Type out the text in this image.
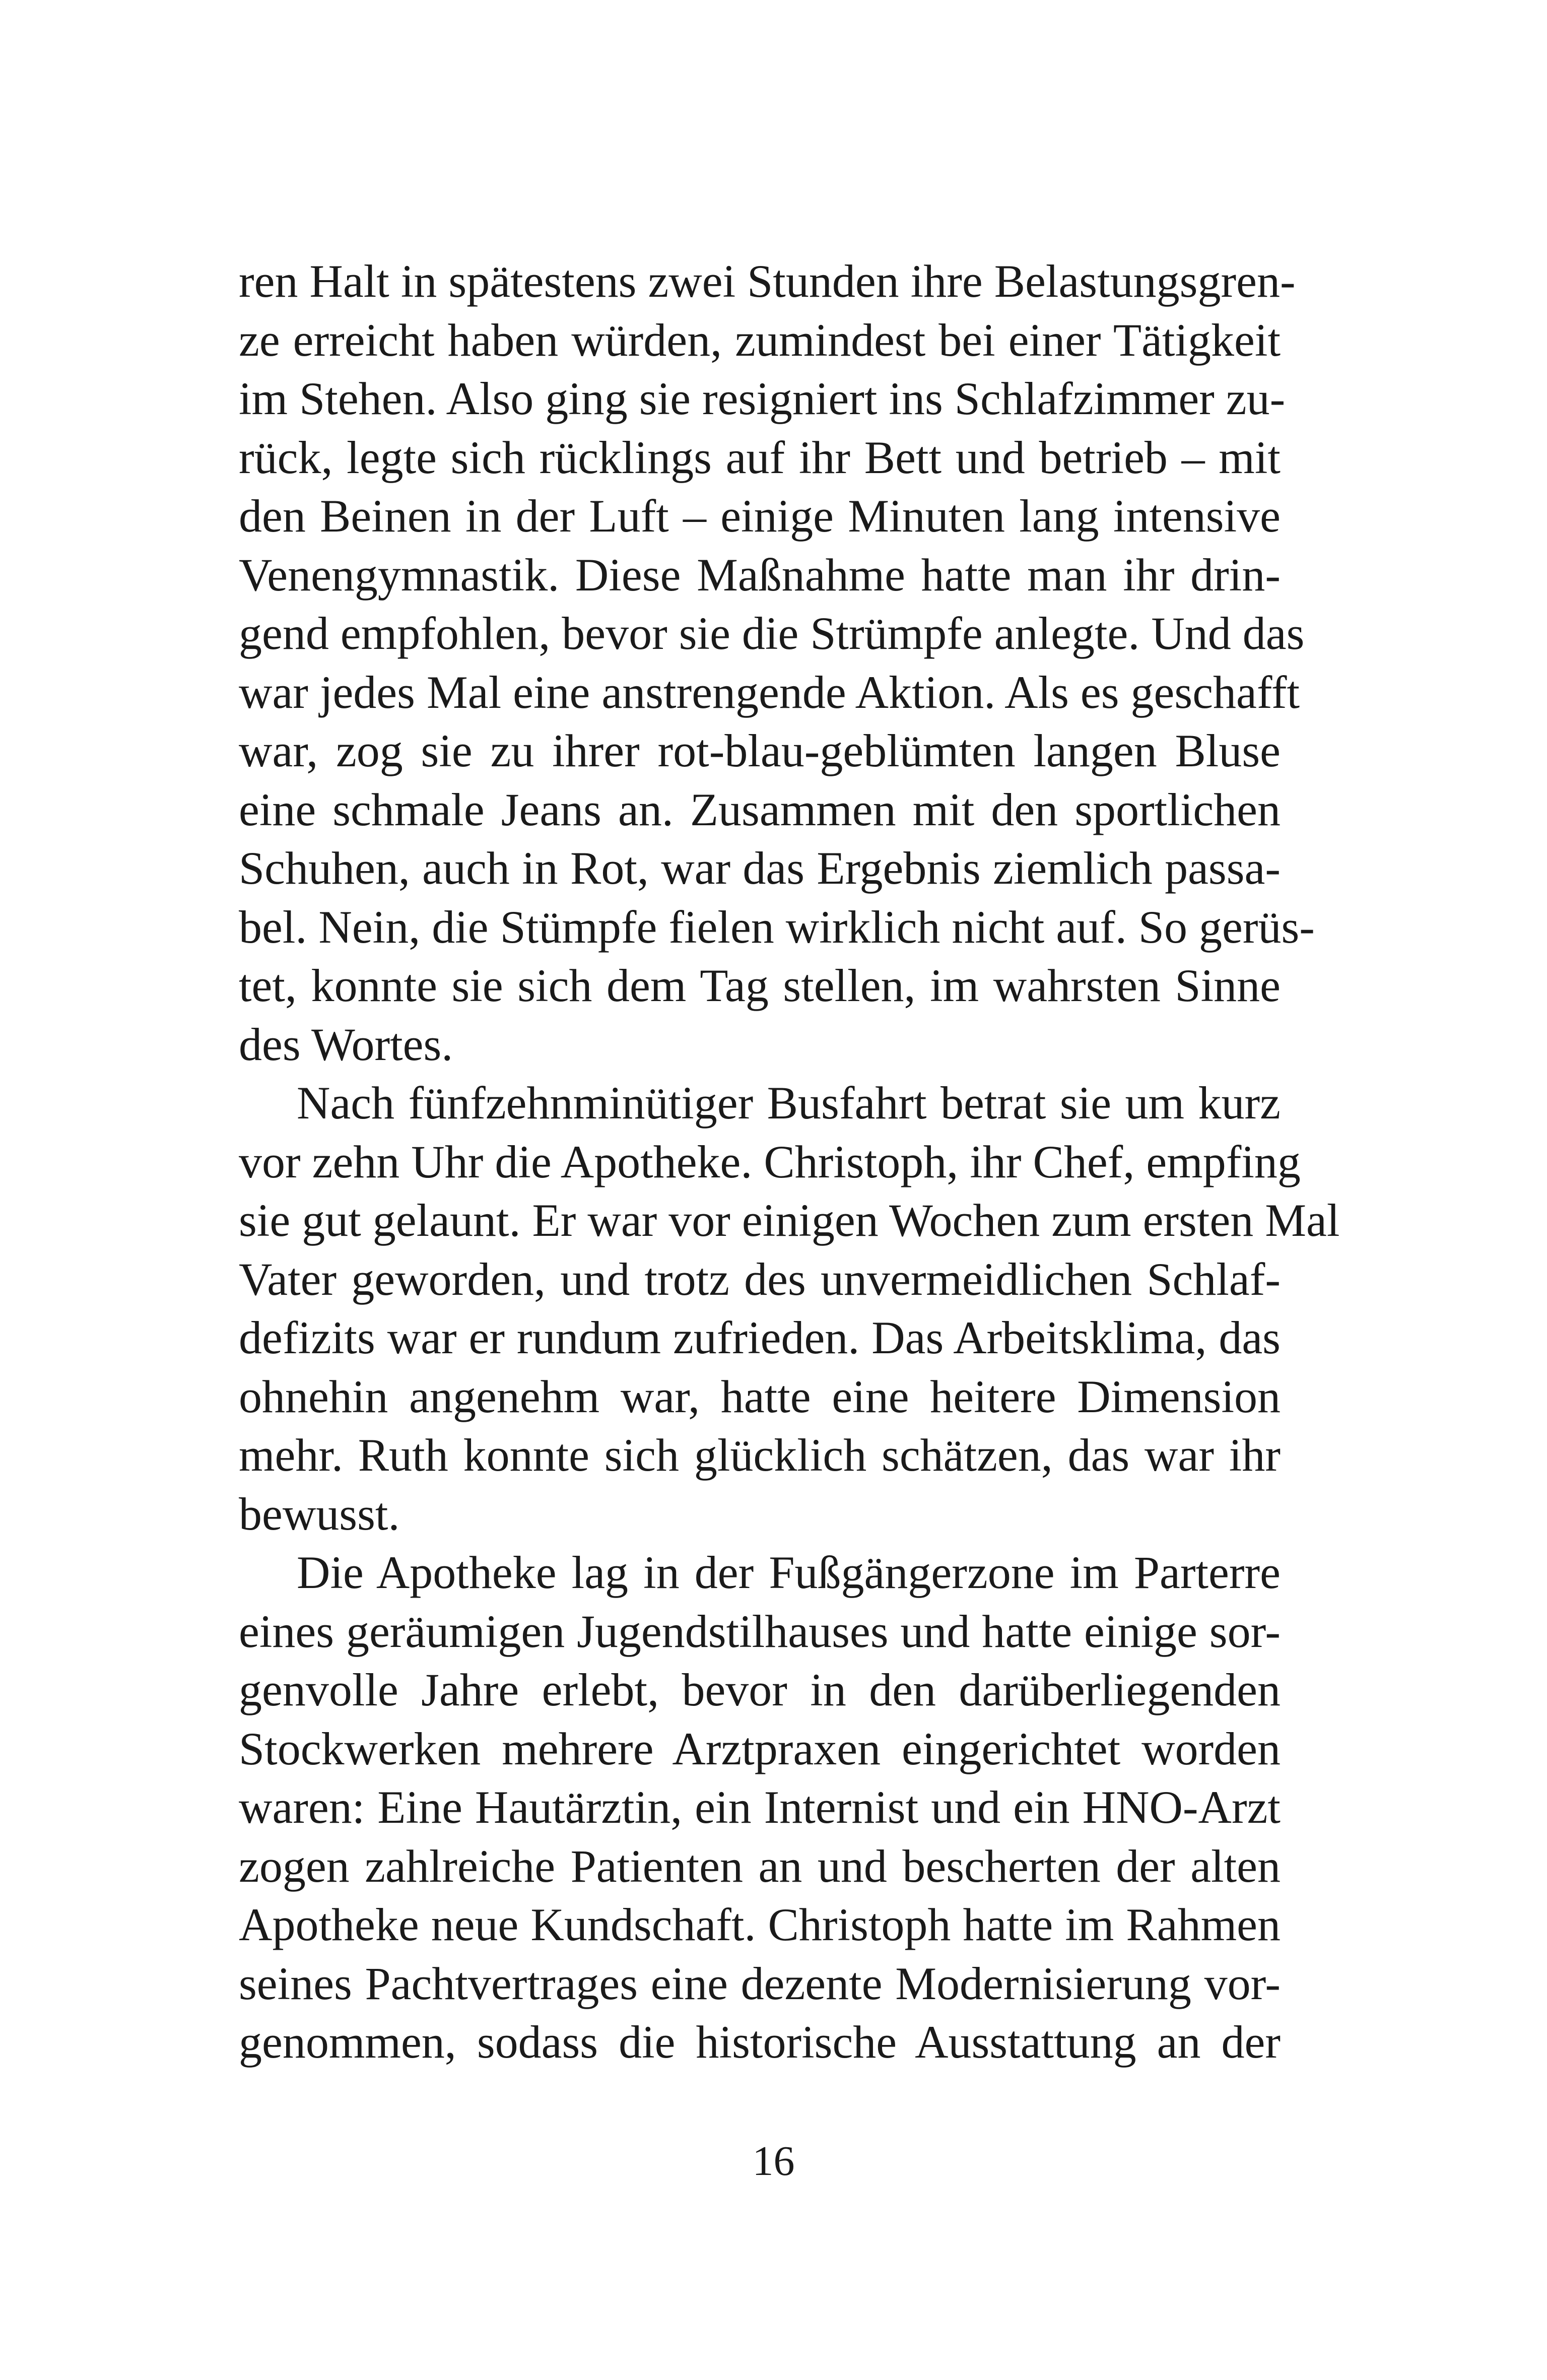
ren Halt in spätestens zwei Stunden ihre Belastungsgren-
ze erreicht haben würden, zumindest bei einer Tätigkeit
im Stehen. Also ging sie resigniert ins Schlafzimmer zu-
rück, legte sich rücklings auf ihr Bett und betrieb – mit
den Beinen in der Luft – einige Minuten lang intensive
Venengymnastik. Diese Maßnahme hatte man ihr drin-
gend empfohlen, bevor sie die Strümpfe anlegte. Und das
war jedes Mal eine anstrengende Aktion. Als es geschafft
war, zog sie zu ihrer rot-blau-geblümten langen Bluse
eine schmale Jeans an. Zusammen mit den sportlichen
Schuhen, auch in Rot, war das Ergebnis ziemlich passa-
bel. Nein, die Stümpfe fielen wirklich nicht auf. So gerüs-
tet, konnte sie sich dem Tag stellen, im wahrsten Sinne
des Wortes.
Nach fünfzehnminütiger Busfahrt betrat sie um kurz
vor zehn Uhr die Apotheke. Christoph, ihr Chef, empfing
sie gut gelaunt. Er war vor einigen Wochen zum ersten Mal
Vater geworden, und trotz des unvermeidlichen Schlaf-
defizits war er rundum zufrieden. Das Arbeitsklima, das
ohnehin angenehm war, hatte eine heitere Dimension
mehr. Ruth konnte sich glücklich schätzen, das war ihr
bewusst.
Die Apotheke lag in der Fußgängerzone im Parterre
eines geräumigen Jugendstilhauses und hatte einige sor-
genvolle Jahre erlebt, bevor in den darüberliegenden
Stockwerken mehrere Arztpraxen eingerichtet worden
waren: Eine Hautärztin, ein Internist und ein HNO-Arzt
zogen zahlreiche Patienten an und bescherten der alten
Apotheke neue Kundschaft. Christoph hatte im Rahmen
seines Pachtvertrages eine dezente Modernisierung vor-
genommen, sodass die historische Ausstattung an der
16
